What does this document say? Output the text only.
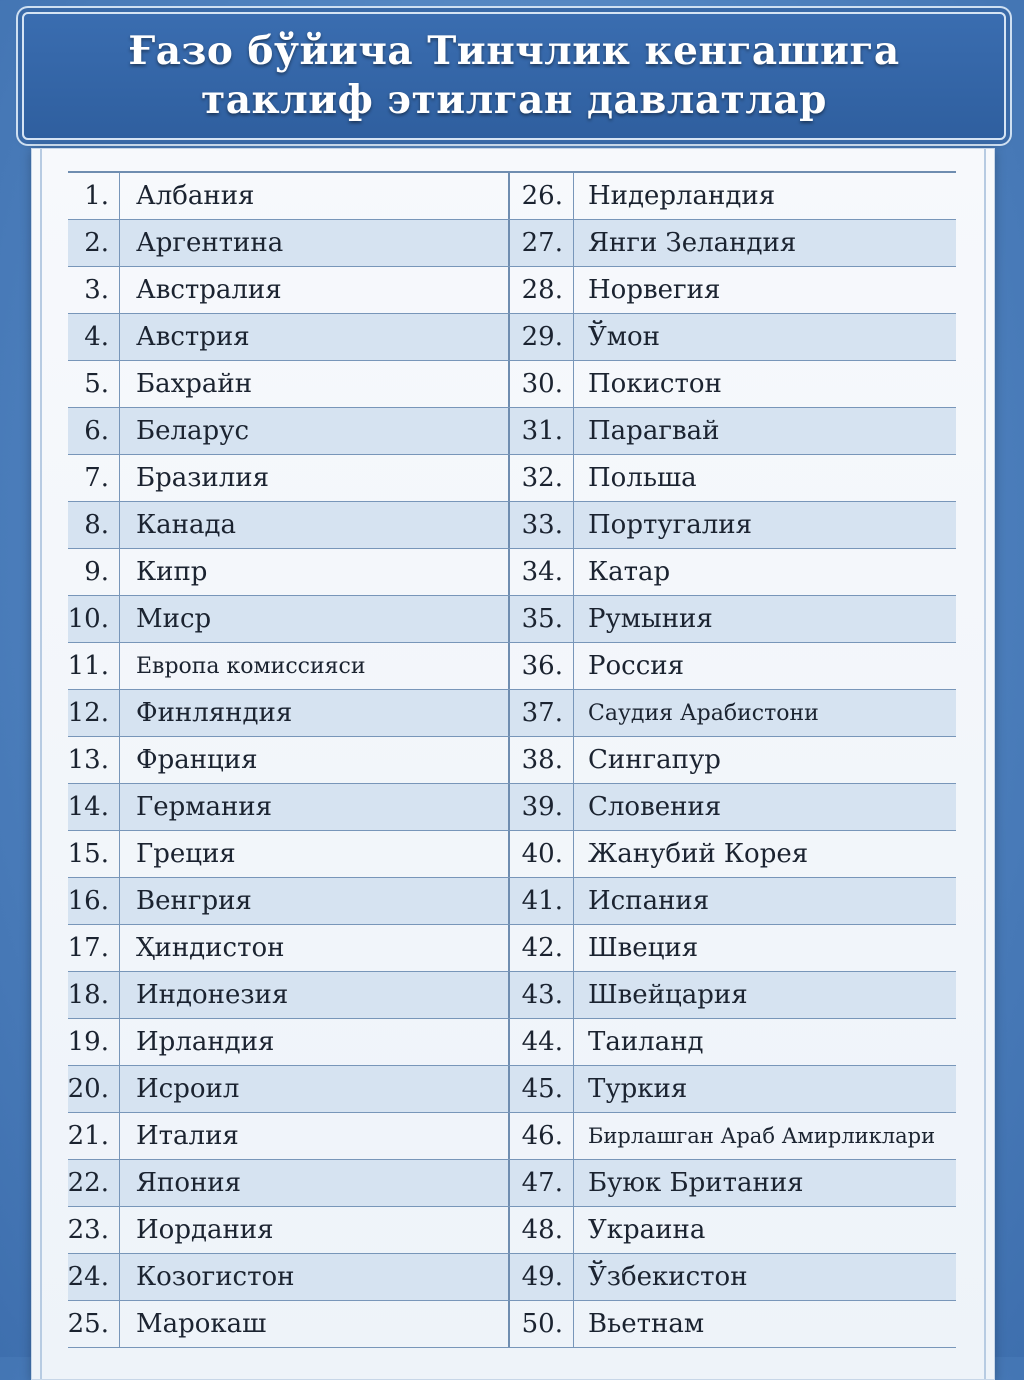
Ғазо бўйича Тинчлик кенгашига
таклиф этилган давлатлар
1.	Албания	26. Нидерландия
2.	Аргентина	27. Янги Зеландия
3.	Австралия	28. Норвегия
4.	Австрия	29. Ўмон
5.	Бахрайн	30. Покистон
6.	Беларус	31. Парагвай
7.	Бразилия	32. Польша
8.	Канада	33. Португалия
9.	Кипр	34. Катар
10.	Миср	35. Румыния
11.	Европа комиссияси	36. Россия
12.	Финляндия	37.	Саудия Арабистони
13.	Франция	38. Сингапур
14.	Германия	39. Словения
15.	Греция	40. Жанубий Корея
16.	Венгрия	41. Испания
17.	Ҳиндистон	42. Швеция
18.	Индонезия	43. Швейцария
19.	Ирландия	44. Таиланд
20.	Исроил	45. Туркия
21.	Италия	46.	Бирлашган Араб Амирликлари
22.	Япония	47. Буюк Британия
23.	Иордания	48. Украина
24.	Козогистон	49. Ўзбекистон
25.	Марокаш	50. Вьетнам
